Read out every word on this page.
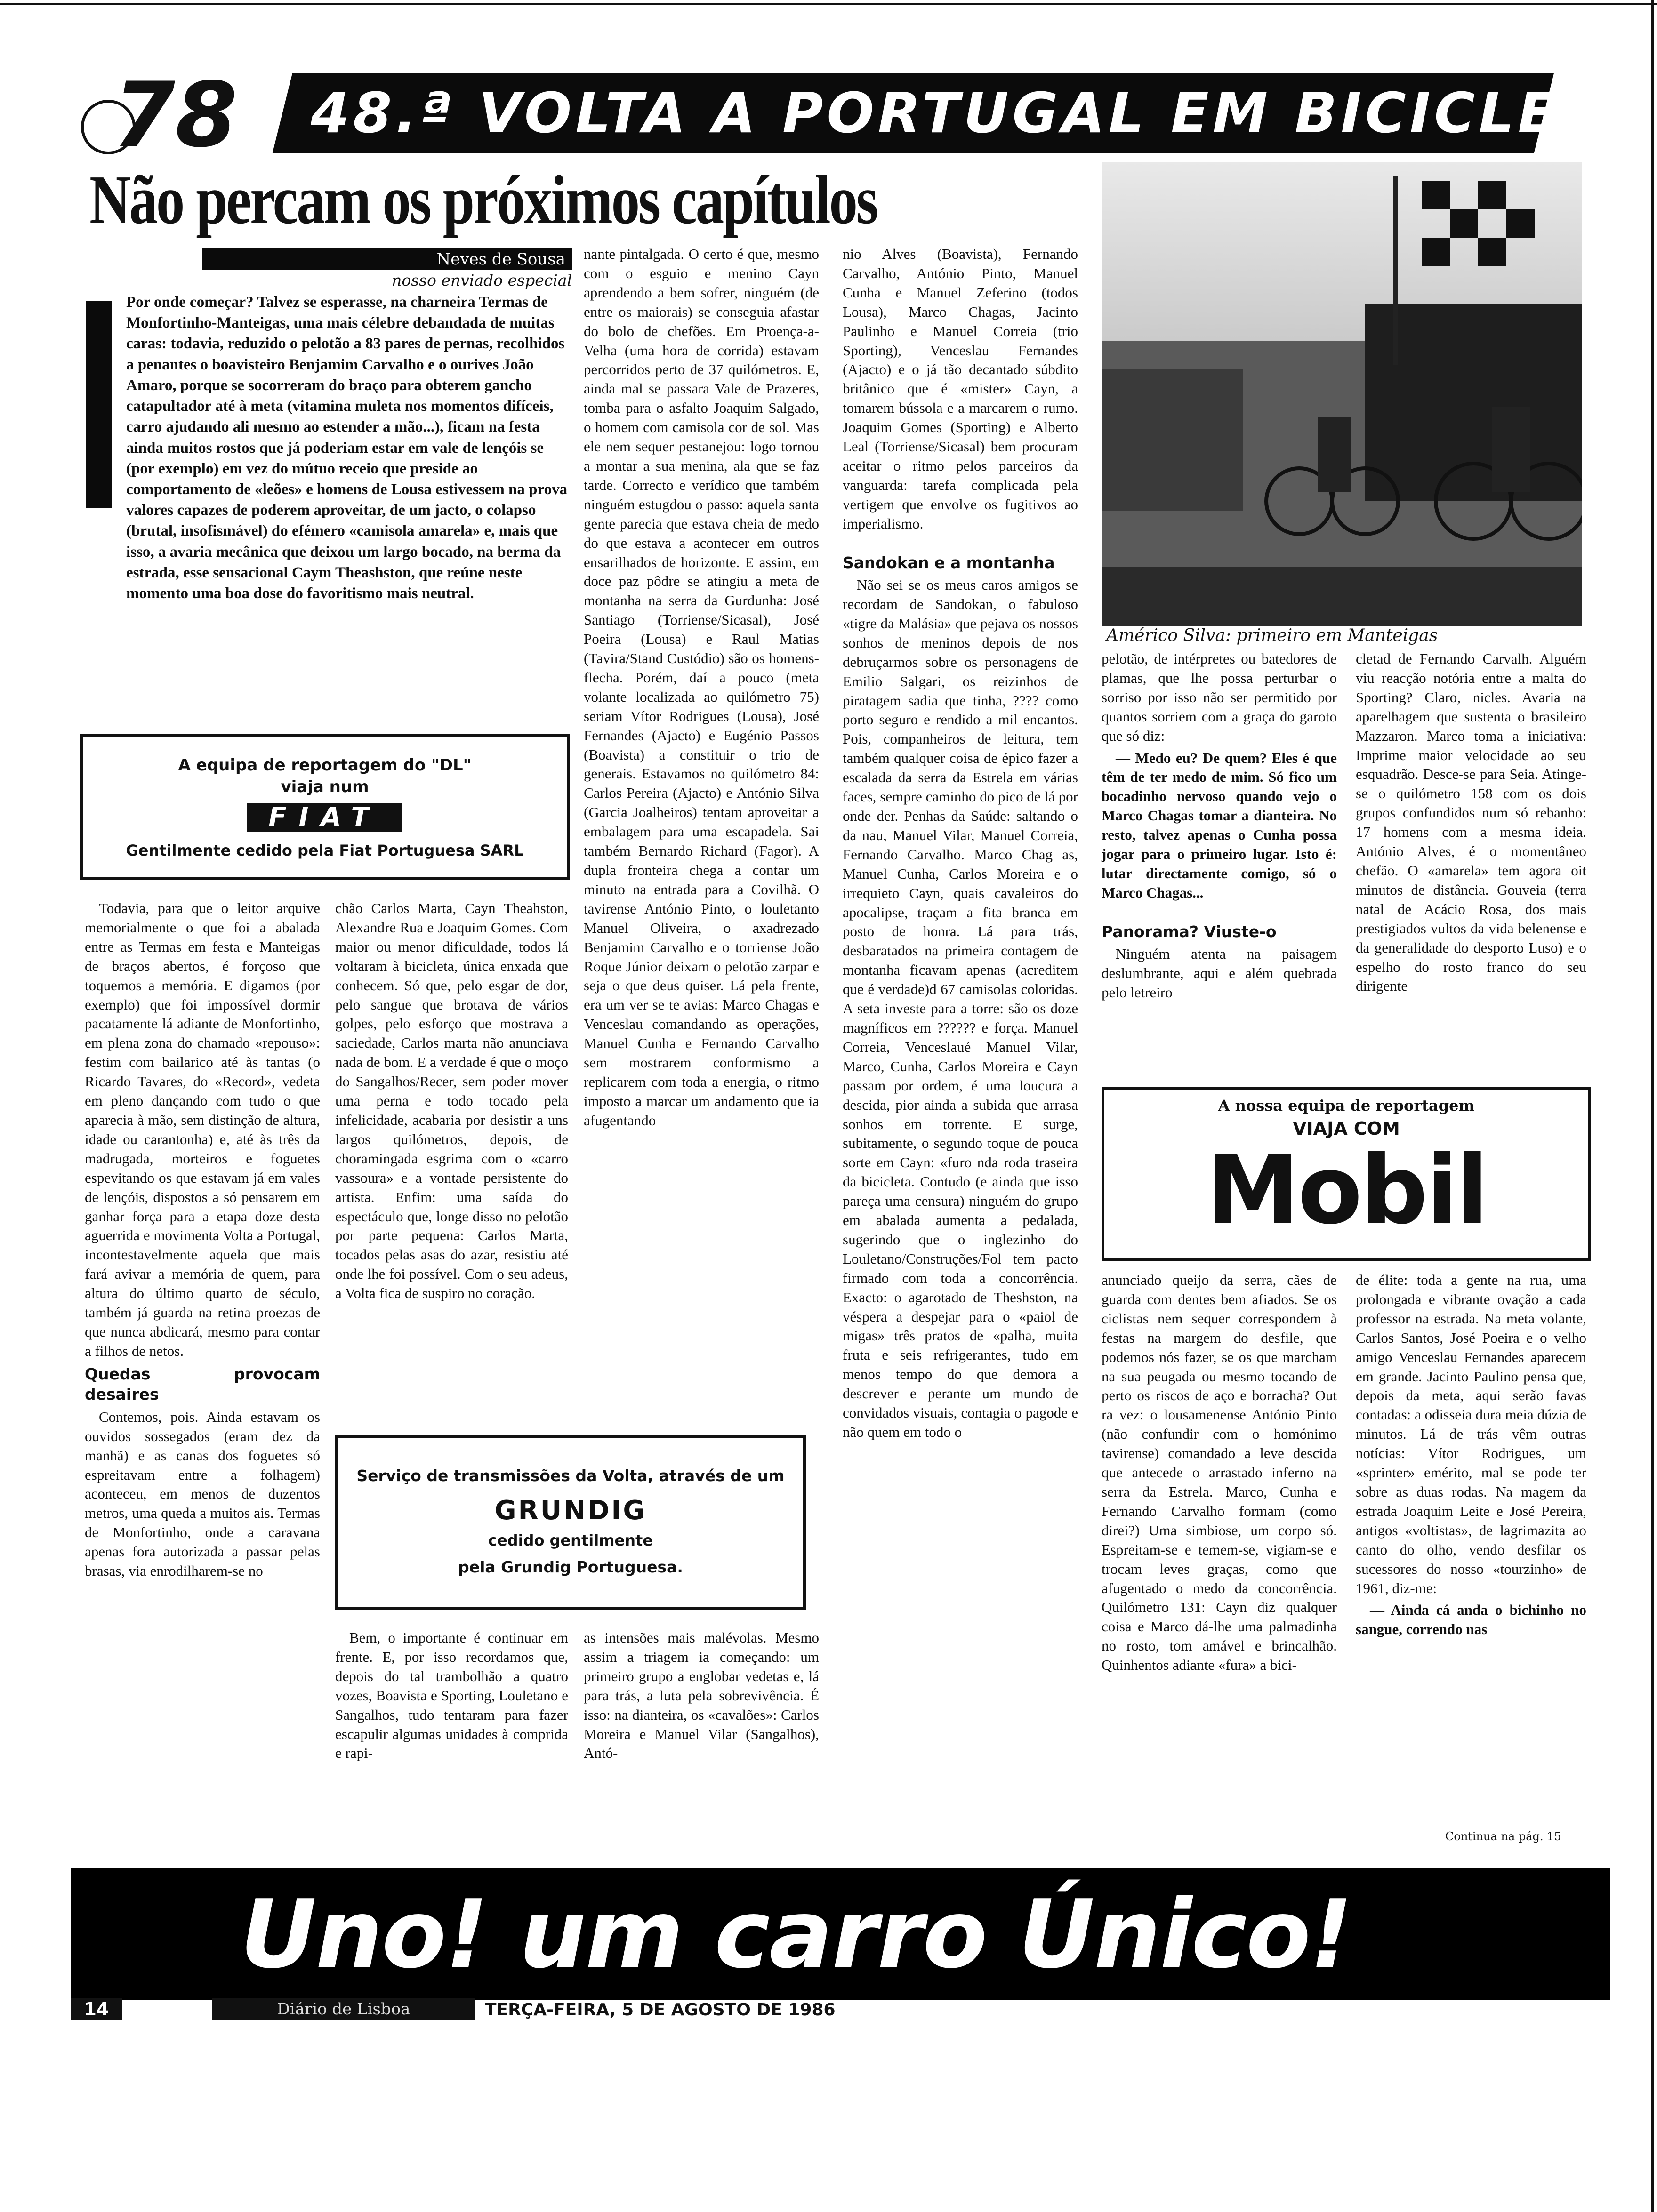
78	48.ª VOLTA A PORTUGAL EM BICICLETA
Não percam os próximos capítulos
Neves de Sousa
nosso enviado especial
Por onde começar? Talvez se esperasse, na charneira Termas de Monfortinho-Manteigas, uma mais célebre debandada de muitas caras: todavia, reduzido o pelotão a 83 pares de pernas, recolhidos a penantes o boavisteiro Benjamim Carvalho e o ourives João Amaro, porque se socorreram do braço para obterem gancho catapultador até à meta (vitamina muleta nos momentos difíceis, carro ajudando ali mesmo ao estender a mão...), ficam na festa ainda muitos rostos que já poderiam estar em vale de lençóis se (por exemplo) em vez do mútuo receio que preside ao comportamento de «leões» e homens de Lousa estivessem na prova valores capazes de poderem aproveitar, de um jacto, o colapso (brutal, insofismável) do efémero «camisola amarela» e, mais que isso, a avaria mecânica que deixou um largo bocado, na berma da estrada, esse sensacional Caym Theashston, que reúne neste momento uma boa dose do favoritismo mais neutral.
A equipa de reportagem do "DL"
viaja num
FIAT
Gentilmente cedido pela Fiat Portuguesa SARL

Todavia, para que o leitor arquive memorialmente o que foi a abalada entre as Termas em festa e Manteigas de braços abertos, é forçoso que toquemos a memória. E digamos (por exemplo) que foi impossível dormir pacatamente lá adiante de Monfortinho, em plena zona do chamado «repouso»: festim com bailarico até às tantas (o Ricardo Tavares, do «Record», vedeta em pleno dançando com tudo o que aparecia à mão, sem distinção de altura, idade ou carantonha) e, até às três da madrugada, morteiros e foguetes espevitando os que estavam já em vales de lençóis, dispostos a só pensarem em ganhar força para a etapa doze desta aguerrida e movimenta Volta a Portugal, incontestavelmente aquela que mais fará avivar a memória de quem, para altura do último quarto de século, também já guarda na retina proezas de que nunca abdicará, mesmo para contar a filhos de netos.

Quedas provocam desaires

Contemos, pois. Ainda estavam os ouvidos sossegados (eram dez da manhã) e as canas dos foguetes só espreitavam entre a folhagem) aconteceu, em menos de duzentos metros, uma queda a muitos ais. Termas de Monfortinho, onde a caravana apenas fora autorizada a passar pelas brasas, via enrodilharem-se no

chão Carlos Marta, Cayn Theahston, Alexandre Rua e Joaquim Gomes. Com maior ou menor dificuldade, todos lá voltaram à bicicleta, única enxada que conhecem. Só que, pelo esgar de dor, pelo sangue que brotava de vários golpes, pelo esforço que mostrava a saciedade, Carlos marta não anunciava nada de bom. E a verdade é que o moço do Sangalhos/Recer, sem poder mover uma perna e todo tocado pela infelicidade, acabaria por desistir a uns largos quilómetros, depois, de choramingada esgrima com o «carro vassoura» e a vontade persistente do artista. Enfim: uma saída do espectáculo que, longe disso no pelotão por parte pequena: Carlos Marta, tocados pelas asas do azar, resistiu até onde lhe foi possível. Com o seu adeus, a Volta fica de suspiro no coração.

Serviço de transmissões da Volta, através de um
GRUNDIG
cedido gentilmente
pela Grundig Portuguesa.

Bem, o importante é continuar em frente. E, por isso recordamos que, depois do tal trambolhão a quatro vozes, Boavista e Sporting, Louletano e Sangalhos, tudo tentaram para fazer escapulir algumas unidades à comprida e rapi-

nante pintalgada. O certo é que, mesmo com o esguio e menino Cayn aprendendo a bem sofrer, ninguém (de entre os maiorais) se conseguia afastar do bolo de chefões. Em Proença-a-Velha (uma hora de corrida) estavam percorridos perto de 37 quilómetros. E, ainda mal se passara Vale de Prazeres, tomba para o asfalto Joaquim Salgado, o homem com camisola cor de sol. Mas ele nem sequer pestanejou: logo tornou a montar a sua menina, ala que se faz tarde. Correcto e verídico que também ninguém estugdou o passo: aquela santa gente parecia que estava cheia de medo do que estava a acontecer em outros ensarilhados de horizonte. E assim, em doce paz pôdre se atingiu a meta de montanha na serra da Gurdunha: José Santiago (Torriense/Sicasal), José Poeira (Lousa) e Raul Matias (Tavira/Stand Custódio) são os homens-flecha. Porém, daí a pouco (meta volante localizada ao quilómetro 75) seriam Vítor Rodrigues (Lousa), José Fernandes (Ajacto) e Eugénio Passos (Boavista) a constituir o trio de generais. Estavamos no quilómetro 84: Carlos Pereira (Ajacto) e António Silva (Garcia Joalheiros) tentam aproveitar a embalagem para uma escapadela. Sai também Bernardo Richard (Fagor). A dupla fronteira chega a contar um minuto na entrada para a Covilhã. O tavirense António Pinto, o louletanto Manuel Oliveira, o axadrezado Benjamim Carvalho e o torriense João Roque Júnior deixam o pelotão zarpar e seja o que deus quiser. Lá pela frente, era um ver se te avias: Marco Chagas e Venceslau comandando as operações, Manuel Cunha e Fernando Carvalho sem mostrarem conformismo a replicarem com toda a energia, o ritmo imposto a marcar um andamento que ia afugentando

as intensões mais malévolas. Mesmo assim a triagem ia começando: um primeiro grupo a englobar vedetas e, lá para trás, a luta pela sobrevivência. É isso: na dianteira, os «cavalões»: Carlos Moreira e Manuel Vilar (Sangalhos), Antó-

nio Alves (Boavista), Fernando Carvalho, António Pinto, Manuel Cunha e Manuel Zeferino (todos Lousa), Marco Chagas, Jacinto Paulinho e Manuel Correia (trio Sporting), Venceslau Fernandes (Ajacto) e o já tão decantado súbdito britânico que é «mister» Cayn, a tomarem bússola e a marcarem o rumo. Joaquim Gomes (Sporting) e Alberto Leal (Torriense/Sicasal) bem procuram aceitar o ritmo pelos parceiros da vanguarda: tarefa complicada pela vertigem que envolve os fugitivos ao imperialismo.

Sandokan e a montanha

Não sei se os meus caros amigos se recordam de Sandokan, o fabuloso «tigre da Malásia» que pejava os nossos sonhos de meninos depois de nos debruçarmos sobre os personagens de Emilio Salgari, os reizinhos de piratagem sadia que tinha, ???? como porto seguro e rendido a mil encantos. Pois, companheiros de leitura, tem também qualquer coisa de épico fazer a escalada da serra da Estrela em várias faces, sempre caminho do pico de lá por onde der. Penhas da Saúde: saltando o da nau, Manuel Vilar, Manuel Correia, Fernando Carvalho. Marco Chag as, Manuel Cunha, Carlos Moreira e o irrequieto Cayn, quais cavaleiros do apocalipse, traçam a fita branca em posto de honra. Lá para trás, desbaratados na primeira contagem de montanha ficavam apenas (acreditem que é verdade)d 67 camisolas coloridas. A seta investe para a torre: são os doze magníficos em ?????? e força. Manuel Correia, Venceslaué Manuel Vilar, Marco, Cunha, Carlos Moreira e Cayn passam por ordem, é uma loucura a descida, pior ainda a subida que arrasa sonhos em torrente. E surge, subitamente, o segundo toque de pouca sorte em Cayn: «furo nda roda traseira da bicicleta. Contudo (e ainda que isso pareça uma censura) ninguém do grupo em abalada aumenta a pedalada, sugerindo que o inglezinho do Louletano/Construções/Fol tem pacto firmado com toda a concorrência. Exacto: o agarotado de Theshston, na véspera a despejar para o «paiol de migas» três pratos de «palha, muita fruta e seis refrigerantes, tudo em menos tempo do que demora a descrever e perante um mundo de convidados visuais, contagia o pagode e não quem em todo o

Américo Silva: primeiro em Manteigas

pelotão, de intérpretes ou batedores de plamas, que lhe possa perturbar o sorriso por isso não ser permitido por quantos sorriem com a graça do garoto que só diz:

— Medo eu? De quem? Eles é que têm de ter medo de mim. Só fico um bocadinho nervoso quando vejo o Marco Chagas tomar a dianteira. No resto, talvez apenas o Cunha possa jogar para o primeiro lugar. Isto é: lutar directamente comigo, só o Marco Chagas...

Panorama? Viuste-o

Ninguém atenta na paisagem deslumbrante, aqui e além quebrada pelo letreiro

cletad de Fernando Carvalh. Alguém viu reacção notória entre a malta do Sporting? Claro, nicles. Avaria na aparelhagem que sustenta o brasileiro Mazzaron. Marco toma a iniciativa: Imprime maior velocidade ao seu esquadrão. Desce-se para Seia. Atinge-se o quilómetro 158 com os dois grupos confundidos num só rebanho: 17 homens com a mesma ideia. António Alves, é o momentâneo chefão. O «amarela» tem agora oit minutos de distância. Gouveia (terra natal de Acácio Rosa, dos mais prestigiados vultos da vida belenense e da generalidade do desporto Luso) e o espelho do rosto franco do seu dirigente

A nossa equipa de reportagem
VIAJA COM
Mobil

anunciado queijo da serra, cães de guarda com dentes bem afiados. Se os ciclistas nem sequer correspondem à festas na margem do desfile, que podemos nós fazer, se os que marcham na sua peugada ou mesmo tocando de perto os riscos de aço e borracha? Out ra vez: o lousamenense António Pinto (não confundir com o homónimo tavirense) comandado a leve descida que antecede o arrastado inferno na serra da Estrela. Marco, Cunha e Fernando Carvalho formam (como direi?) Uma simbiose, um corpo só. Espreitam-se e temem-se, vigiam-se e trocam leves graças, como que afugentado o medo da concorrência. Quilómetro 131: Cayn diz qualquer coisa e Marco dá-lhe uma palmadinha no rosto, tom amável e brincalhão. Quinhentos adiante «fura» a bici-

de élite: toda a gente na rua, uma prolongada e vibrante ovação a cada professor na estrada. Na meta volante, Carlos Santos, José Poeira e o velho amigo Venceslau Fernandes aparecem em grande. Jacinto Paulino pensa que, depois da meta, aqui serão favas contadas: a odisseia dura meia dúzia de minutos. Lá de trás vêm outras notícias: Vítor Rodrigues, um «sprinter» emérito, mal se pode ter sobre as duas rodas. Na magem da estrada Joaquim Leite e José Pereira, antigos «voltistas», de lagrimazita ao canto do olho, vendo desfilar os sucessores do nosso «tourzinho» de 1961, diz-me:

— Ainda cá anda o bichinho no sangue, correndo nas

Continua na pág. 15
Uno! um carro Único!
14	Diário de Lisboa	TERÇA-FEIRA, 5 DE AGOSTO DE 1986
